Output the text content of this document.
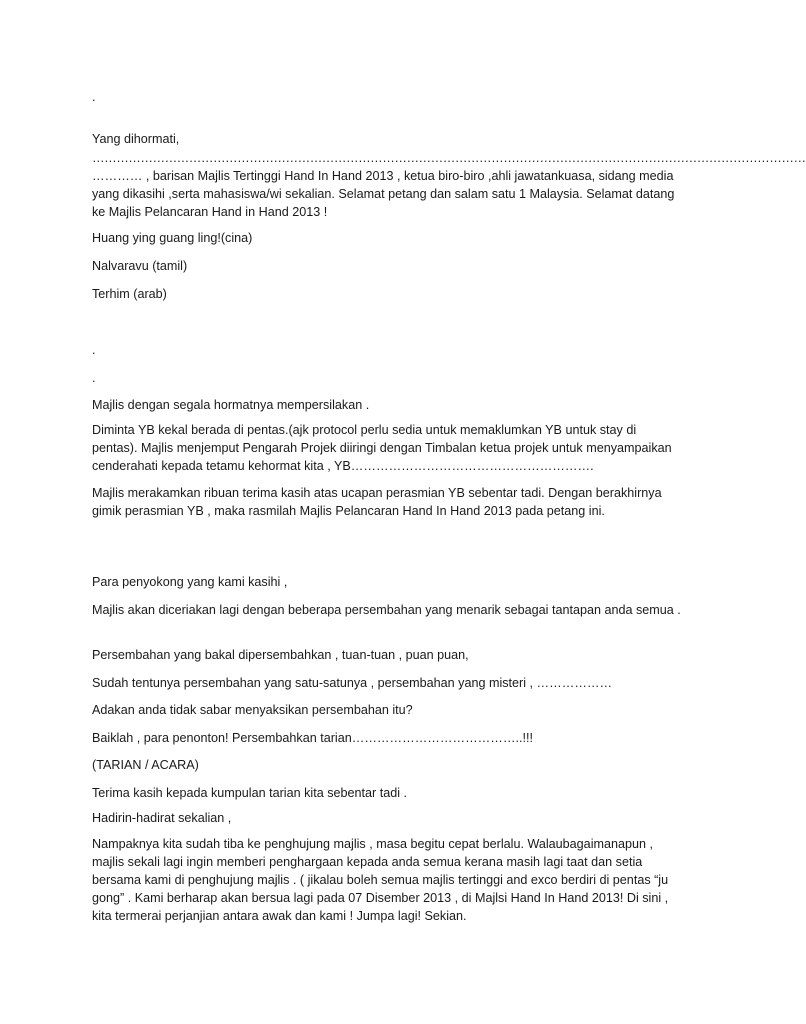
.

Yang dihormati,

……………………………………………………………………………………………………………………………………………………………

………… , barisan Majlis Tertinggi Hand In Hand 2013 , ketua biro-biro ,ahli jawatankuasa, sidang media yang dikasihi ,serta mahasiswa/wi sekalian. Selamat petang dan salam satu 1 Malaysia. Selamat datang ke Majlis Pelancaran Hand in Hand 2013 !

Huang ying guang ling!(cina)

Nalvaravu (tamil)

Terhim (arab)

.

.

Majlis dengan segala hormatnya mempersilakan .

Diminta YB kekal berada di pentas.(ajk protocol perlu sedia untuk memaklumkan YB untuk stay di pentas). Majlis menjemput Pengarah Projek diiringi dengan Timbalan ketua projek untuk menyampaikan cenderahati kepada tetamu kehormat kita , YB………………………………………………….

Majlis merakamkan ribuan terima kasih atas ucapan perasmian YB sebentar tadi. Dengan berakhirnya gimik perasmian YB , maka rasmilah Majlis Pelancaran Hand In Hand 2013 pada petang ini.

Para penyokong yang kami kasihi ,

Majlis akan diceriakan lagi dengan beberapa persembahan yang menarik sebagai tantapan anda semua .

Persembahan yang bakal dipersembahkan , tuan-tuan , puan puan,

Sudah tentunya persembahan yang satu-satunya , persembahan yang misteri , ………………

Adakan anda tidak sabar menyaksikan persembahan itu?

Baiklah , para penonton! Persembahkan tarian…………………………………..!!!

(TARIAN / ACARA)

Terima kasih kepada kumpulan tarian kita sebentar tadi .

Hadirin-hadirat sekalian ,

Nampaknya kita sudah tiba ke penghujung majlis , masa begitu cepat berlalu. Walaubagaimanapun , majlis sekali lagi ingin memberi penghargaan kepada anda semua kerana masih lagi taat dan setia bersama kami di penghujung majlis . ( jikalau boleh semua majlis tertinggi and exco berdiri di pentas “ju gong” . Kami berharap akan bersua lagi pada 07 Disember 2013 , di Majlsi Hand In Hand 2013! Di sini , kita termerai perjanjian antara awak dan kami ! Jumpa lagi! Sekian.
